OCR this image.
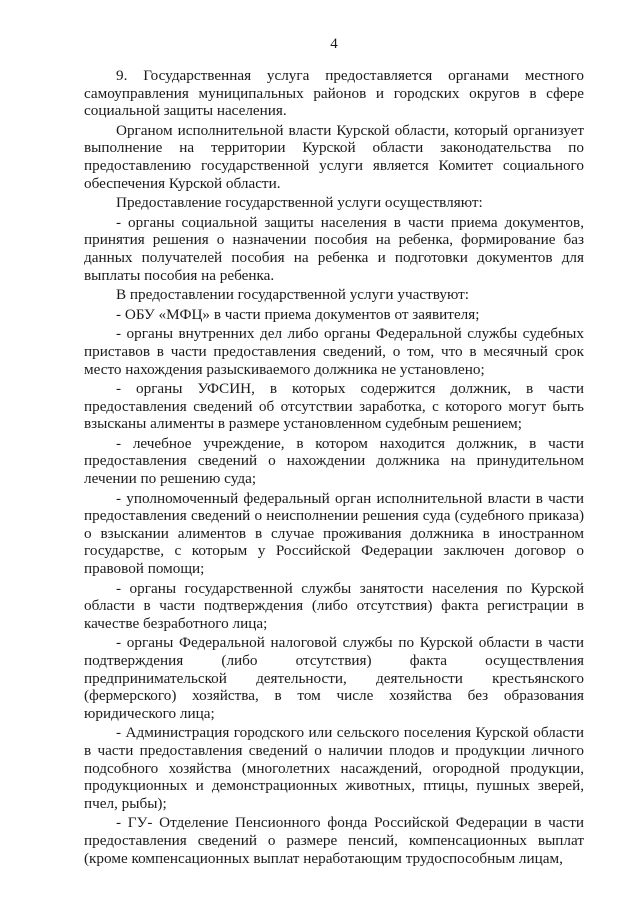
4

9. Государственная услуга предоставляется органами местного самоуправления муниципальных районов и городских округов в сфере социальной защиты населения.

Органом исполнительной власти Курской области, который организует выполнение на территории Курской области законодательства по предоставлению государственной услуги является Комитет социального обеспечения Курской области.

Предоставление государственной услуги осуществляют:

- органы социальной защиты населения в части приема документов, принятия решения о назначении пособия на ребенка, формирование баз данных получателей пособия на ребенка и подготовки документов для выплаты пособия на ребенка.

В предоставлении государственной услуги участвуют:

- ОБУ «МФЦ» в части приема документов от заявителя;

- органы внутренних дел либо органы Федеральной службы судебных приставов в части предоставления сведений, о том, что в месячный срок место нахождения разыскиваемого должника не установлено;

- органы УФСИН, в которых содержится должник, в части предоставления сведений об отсутствии заработка, с которого могут быть взысканы алименты в размере установленном судебным решением;

- лечебное учреждение, в котором находится должник, в части предоставления сведений о нахождении должника на принудительном лечении по решению суда;

- уполномоченный федеральный орган исполнительной власти в части предоставления сведений о неисполнении решения суда (судебного приказа) о взыскании алиментов в случае проживания должника в иностранном государстве, с которым у Российской Федерации заключен договор о правовой помощи;

- органы государственной службы занятости населения по Курской области в части подтверждения (либо отсутствия) факта регистрации в качестве безработного лица;

- органы Федеральной налоговой службы по Курской области в части подтверждения (либо отсутствия) факта осуществления предпринимательской деятельности, деятельности крестьянского (фермерского) хозяйства, в том числе хозяйства без образования юридического лица;

- Администрация городского или сельского поселения Курской области в части предоставления сведений о наличии плодов и продукции личного подсобного хозяйства (многолетних насаждений, огородной продукции, продукционных и демонстрационных животных, птицы, пушных зверей, пчел, рыбы);

- ГУ- Отделение Пенсионного фонда Российской Федерации в части предоставления сведений о размере пенсий, компенсационных выплат (кроме компенсационных выплат неработающим трудоспособным лицам,
